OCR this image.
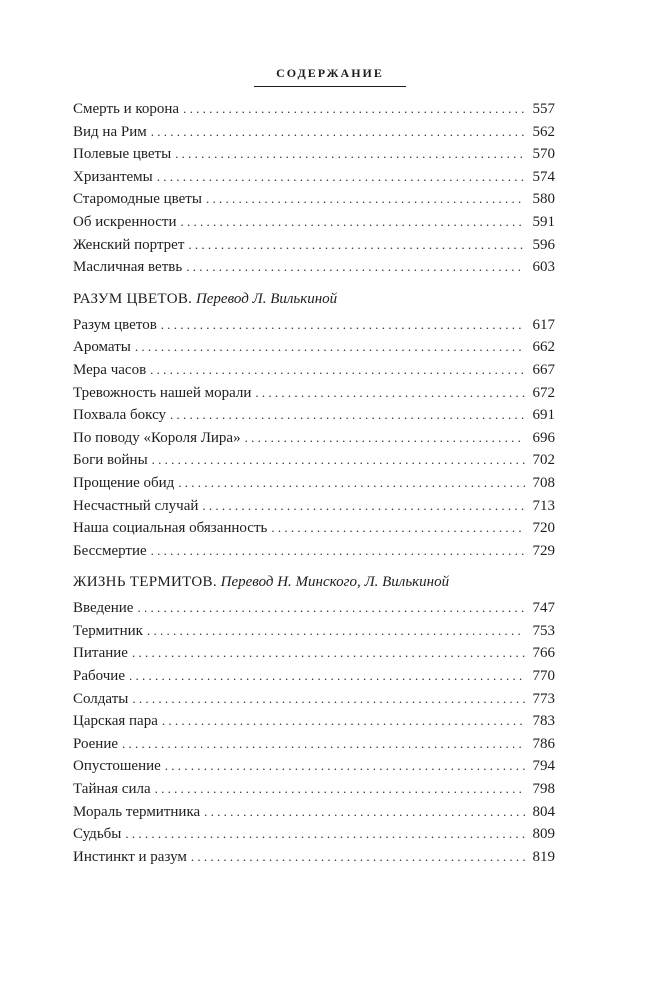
СОДЕРЖАНИЕ
Смерть и корона . . .	557
Вид на Рим . . .	562
Полевые цветы . . .	570
Хризантемы . . .	574
Старомодные цветы . . .	580
Об искренности . . .	591
Женский портрет . . .	596
Масличная ветвь . . .	603
РАЗУМ ЦВЕТОВ. Перевод Л. Вилькиной
Разум цветов . . .	617
Ароматы . . .	662
Мера часов . . .	667
Тревожность нашей морали . . .	672
Похвала боксу . . .	691
По поводу «Короля Лира» . . .	696
Боги войны . . .	702
Прощение обид . . .	708
Несчастный случай . . .	713
Наша социальная обязанность . . .	720
Бессмертие . . .	729
ЖИЗНЬ ТЕРМИТОВ. Перевод Н. Минского, Л. Вилькиной
Введение . . .	747
Термитник . . .	753
Питание . . .	766
Рабочие . . .	770
Солдаты . . .	773
Царская пара . . .	783
Роение . . .	786
Опустошение . . .	794
Тайная сила . . .	798
Мораль термитника . . .	804
Судьбы . . .	809
Инстинкт и разум . . .	819
